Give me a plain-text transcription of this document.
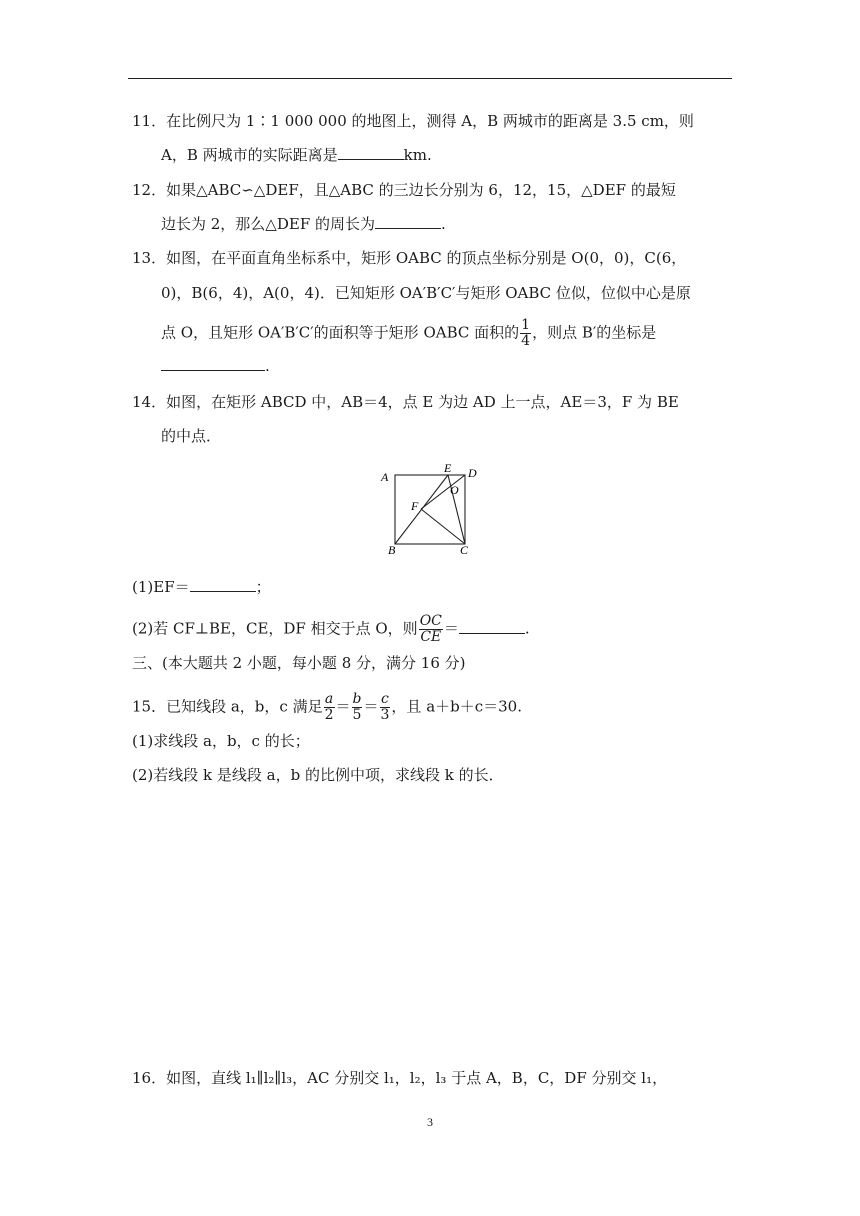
11．在比例尺为 1∶1 000 000 的地图上，测得 A，B 两城市的距离是 3.5 cm，则
A，B 两城市的实际距离是	km.
12．如果△ABC∽△DEF，且△ABC 的三边长分别为 6，12，15，△DEF 的最短
边长为 2，那么△DEF 的周长为	.
13．如图，在平面直角坐标系中，矩形 OABC 的顶点坐标分别是 O(0，0)，C(6，
0)，B(6，4)，A(0，4)．已知矩形 OA′B′C′与矩形 OABC 位似，位似中心是原
点 O，且矩形 OA′B′C′的面积等于矩形 OABC 面积的 $\frac{1}{4}$ ，则点 B′的坐标是
.
14．如图，在矩形 ABCD 中，AB＝4，点 E 为边 AD 上一点，AE＝3，F 为 BE
的中点．
A
B	C
D
E
F
O
(1)EF＝	；
(2)若 CF⊥BE，CE，DF 相交于点 O，则 $\frac{OC}{CE}$ ＝	.
三、(本大题共 2 小题，每小题 8 分，满分 16 分)
15．已知线段 a，b，c 满足 $\frac{a}{2} = \frac{b}{5} = \frac{c}{3}$ ，且 a＋b＋c＝30.
(1)求线段 a，b，c 的长；
(2)若线段 k 是线段 a，b 的比例中项，求线段 k 的长．
16．如图，直线 l₁∥l₂∥l₃，AC 分别交 l₁，l₂，l₃ 于点 A，B，C，DF 分别交 l₁，
3
